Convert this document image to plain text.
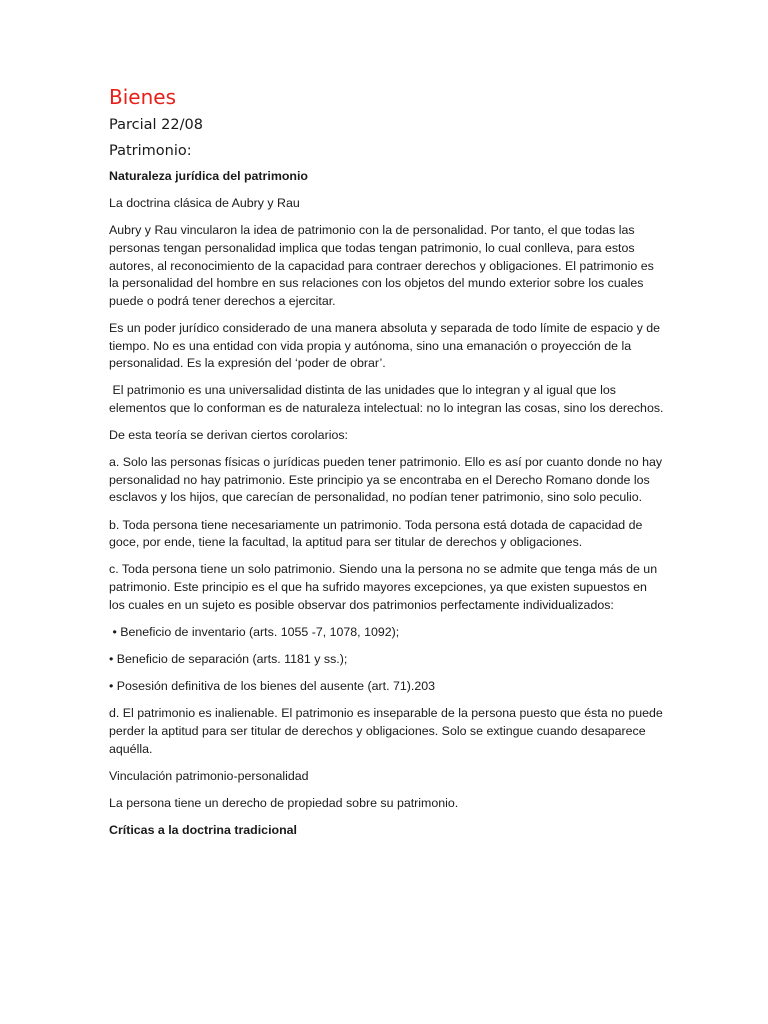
Bienes
Parcial 22/08
Patrimonio:

Naturaleza jurídica del patrimonio

La doctrina clásica de Aubry y Rau

Aubry y Rau vincularon la idea de patrimonio con la de personalidad. Por tanto, el que todas las personas tengan personalidad implica que todas tengan patrimonio, lo cual conlleva, para estos autores, al reconocimiento de la capacidad para contraer derechos y obligaciones. El patrimonio es la personalidad del hombre en sus relaciones con los objetos del mundo exterior sobre los cuales puede o podrá tener derechos a ejercitar.

Es un poder jurídico considerado de una manera absoluta y separada de todo límite de espacio y de tiempo. No es una entidad con vida propia y autónoma, sino una emanación o proyección de la personalidad. Es la expresión del ‘poder de obrar’.

El patrimonio es una universalidad distinta de las unidades que lo integran y al igual que los elementos que lo conforman es de naturaleza intelectual: no lo integran las cosas, sino los derechos.

De esta teoría se derivan ciertos corolarios:

a. Solo las personas físicas o jurídicas pueden tener patrimonio. Ello es así por cuanto donde no hay personalidad no hay patrimonio. Este principio ya se encontraba en el Derecho Romano donde los esclavos y los hijos, que carecían de personalidad, no podían tener patrimonio, sino solo peculio.

b. Toda persona tiene necesariamente un patrimonio. Toda persona está dotada de capacidad de goce, por ende, tiene la facultad, la aptitud para ser titular de derechos y obligaciones.

c. Toda persona tiene un solo patrimonio. Siendo una la persona no se admite que tenga más de un patrimonio. Este principio es el que ha sufrido mayores excepciones, ya que existen supuestos en los cuales en un sujeto es posible observar dos patrimonios perfectamente individualizados:

• Beneficio de inventario (arts. 1055 -7, 1078, 1092);

• Beneficio de separación (arts. 1181 y ss.);

• Posesión definitiva de los bienes del ausente (art. 71).203

d. El patrimonio es inalienable. El patrimonio es inseparable de la persona puesto que ésta no puede perder la aptitud para ser titular de derechos y obligaciones. Solo se extingue cuando desaparece aquélla.

Vinculación patrimonio-personalidad

La persona tiene un derecho de propiedad sobre su patrimonio.

Críticas a la doctrina tradicional
